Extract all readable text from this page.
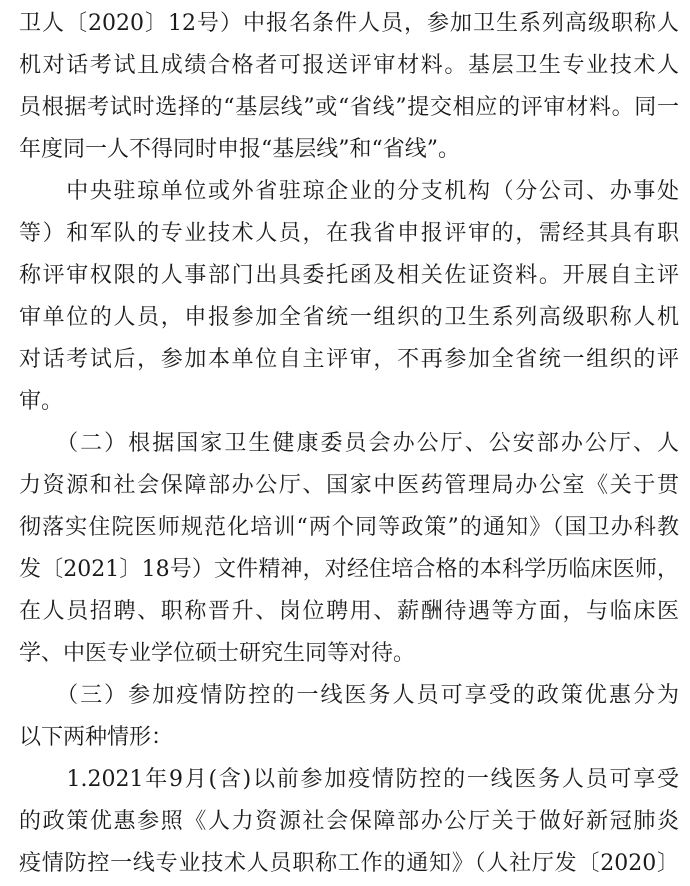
卫人〔2020〕12号）中报名条件人员，参加卫生系列高级职称人
机对话考试且成绩合格者可报送评审材料。基层卫生专业技术人
员根据考试时选择的“基层线”或“省线”提交相应的评审材料。同一
年度同一人不得同时申报“基层线”和“省线”。
　　中央驻琼单位或外省驻琼企业的分支机构（分公司、办事处
等）和军队的专业技术人员，在我省申报评审的，需经其具有职
称评审权限的人事部门出具委托函及相关佐证资料。开展自主评
审单位的人员，申报参加全省统一组织的卫生系列高级职称人机
对话考试后，参加本单位自主评审，不再参加全省统一组织的评
审。
　　（二）根据国家卫生健康委员会办公厅、公安部办公厅、人
力资源和社会保障部办公厅、国家中医药管理局办公室《关于贯
彻落实住院医师规范化培训“两个同等政策”的通知》（国卫办科教
发〔2021〕18号）文件精神，对经住培合格的本科学历临床医师，
在人员招聘、职称晋升、岗位聘用、薪酬待遇等方面，与临床医
学、中医专业学位硕士研究生同等对待。
　　（三）参加疫情防控的一线医务人员可享受的政策优惠分为
以下两种情形：
　　1.2021年9月(含)以前参加疫情防控的一线医务人员可享受
的政策优惠参照《人力资源社会保障部办公厅关于做好新冠肺炎
疫情防控一线专业技术人员职称工作的通知》（人社厅发〔2020〕
